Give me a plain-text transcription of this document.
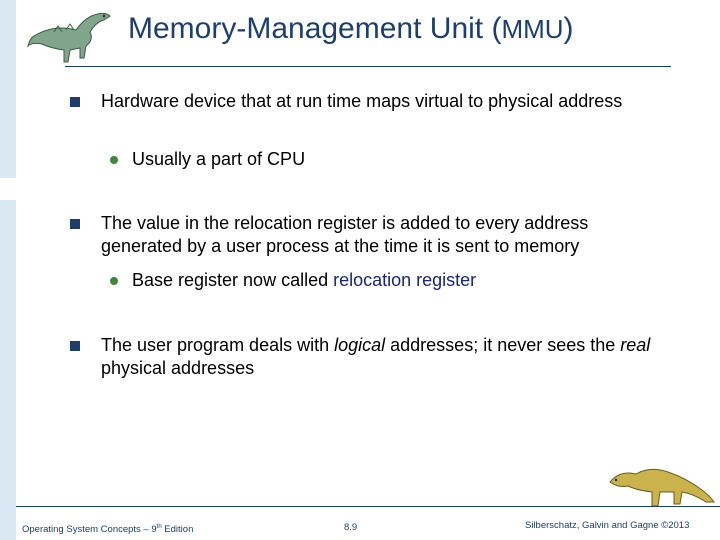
Memory-Management Unit (MMU)
Hardware device that at run time maps virtual to physical address
Usually a part of CPU
The value in the relocation register is added to every address generated by a user process at the time it is sent to memory
Base register now called relocation register
The user program deals with logical addresses; it never sees the real physical addresses
Operating System Concepts – 9th Edition	8.9	Silberschatz, Galvin and Gagne ©2013
